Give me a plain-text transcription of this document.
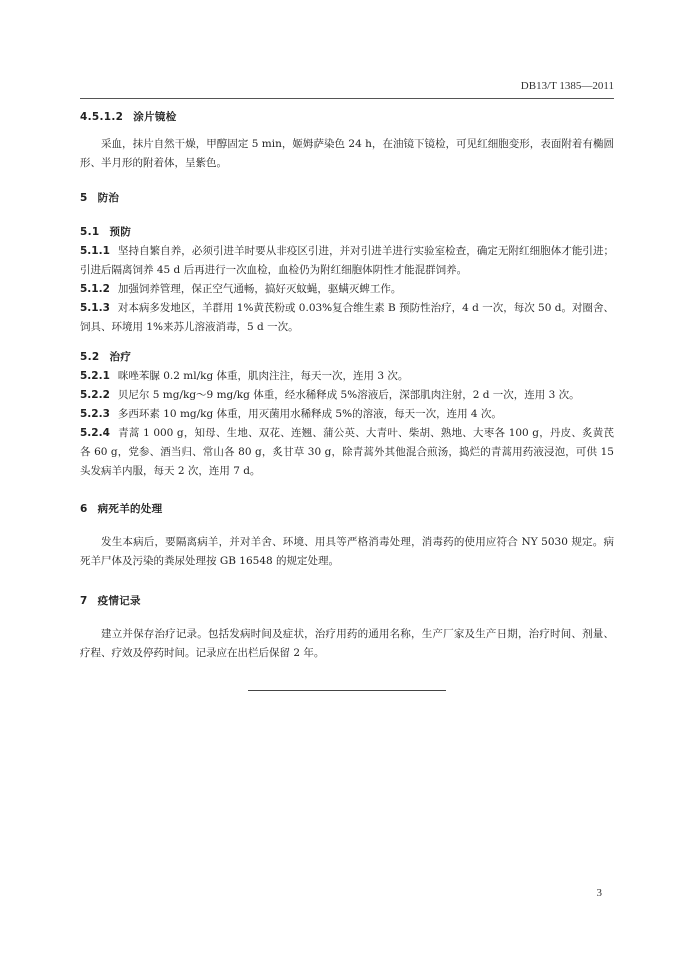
DB13/T 1385—2011
4.5.1.2 涂片镜检

采血，抹片自然干燥，甲醇固定 5 min，姬姆萨染色 24 h，在油镜下镜检，可见红细胞变形，表面附着有椭圆形、半月形的附着体，呈紫色。

5 防治
5.1 预防

5.1.1 坚持自繁自养，必须引进羊时要从非疫区引进，并对引进羊进行实验室检查，确定无附红细胞体才能引进；引进后隔离饲养 45 d 后再进行一次血检，血检仍为附红细胞体阴性才能混群饲养。

5.1.2 加强饲养管理，保正空气通畅，搞好灭蚊蝇，驱螨灭蜱工作。

5.1.3 对本病多发地区，羊群用 1%黄芪粉或 0.03%复合维生素 B 预防性治疗，4 d 一次，每次 50 d。对圈舍、饲具、环境用 1%来苏儿溶液消毒，5 d 一次。

5.2 治疗

5.2.1 咪唑苯脲 0.2 ml/kg 体重，肌肉注注，每天一次，连用 3 次。

5.2.2 贝尼尔 5 mg/kg～9 mg/kg 体重，经水稀释成 5%溶液后，深部肌肉注射，2 d 一次，连用 3 次。

5.2.3 多西环素 10 mg/kg 体重，用灭菌用水稀释成 5%的溶液，每天一次，连用 4 次。

5.2.4 青蒿 1 000 g，知母、生地、双花、连翘、蒲公英、大青叶、柴胡、熟地、大枣各 100 g，丹皮、炙黄芪各 60 g，党参、酒当归、常山各 80 g，炙甘草 30 g，除青蒿外其他混合煎汤，捣烂的青蒿用药液浸泡，可供 15 头发病羊内服，每天 2 次，连用 7 d。

6 病死羊的处理

发生本病后，要隔离病羊，并对羊舍、环境、用具等严格消毒处理，消毒药的使用应符合 NY 5030 规定。病死羊尸体及污染的粪尿处理按 GB 16548 的规定处理。

7 疫情记录

建立并保存治疗记录。包括发病时间及症状，治疗用药的通用名称，生产厂家及生产日期，治疗时间、剂量、疗程、疗效及停药时间。记录应在出栏后保留 2 年。

3
